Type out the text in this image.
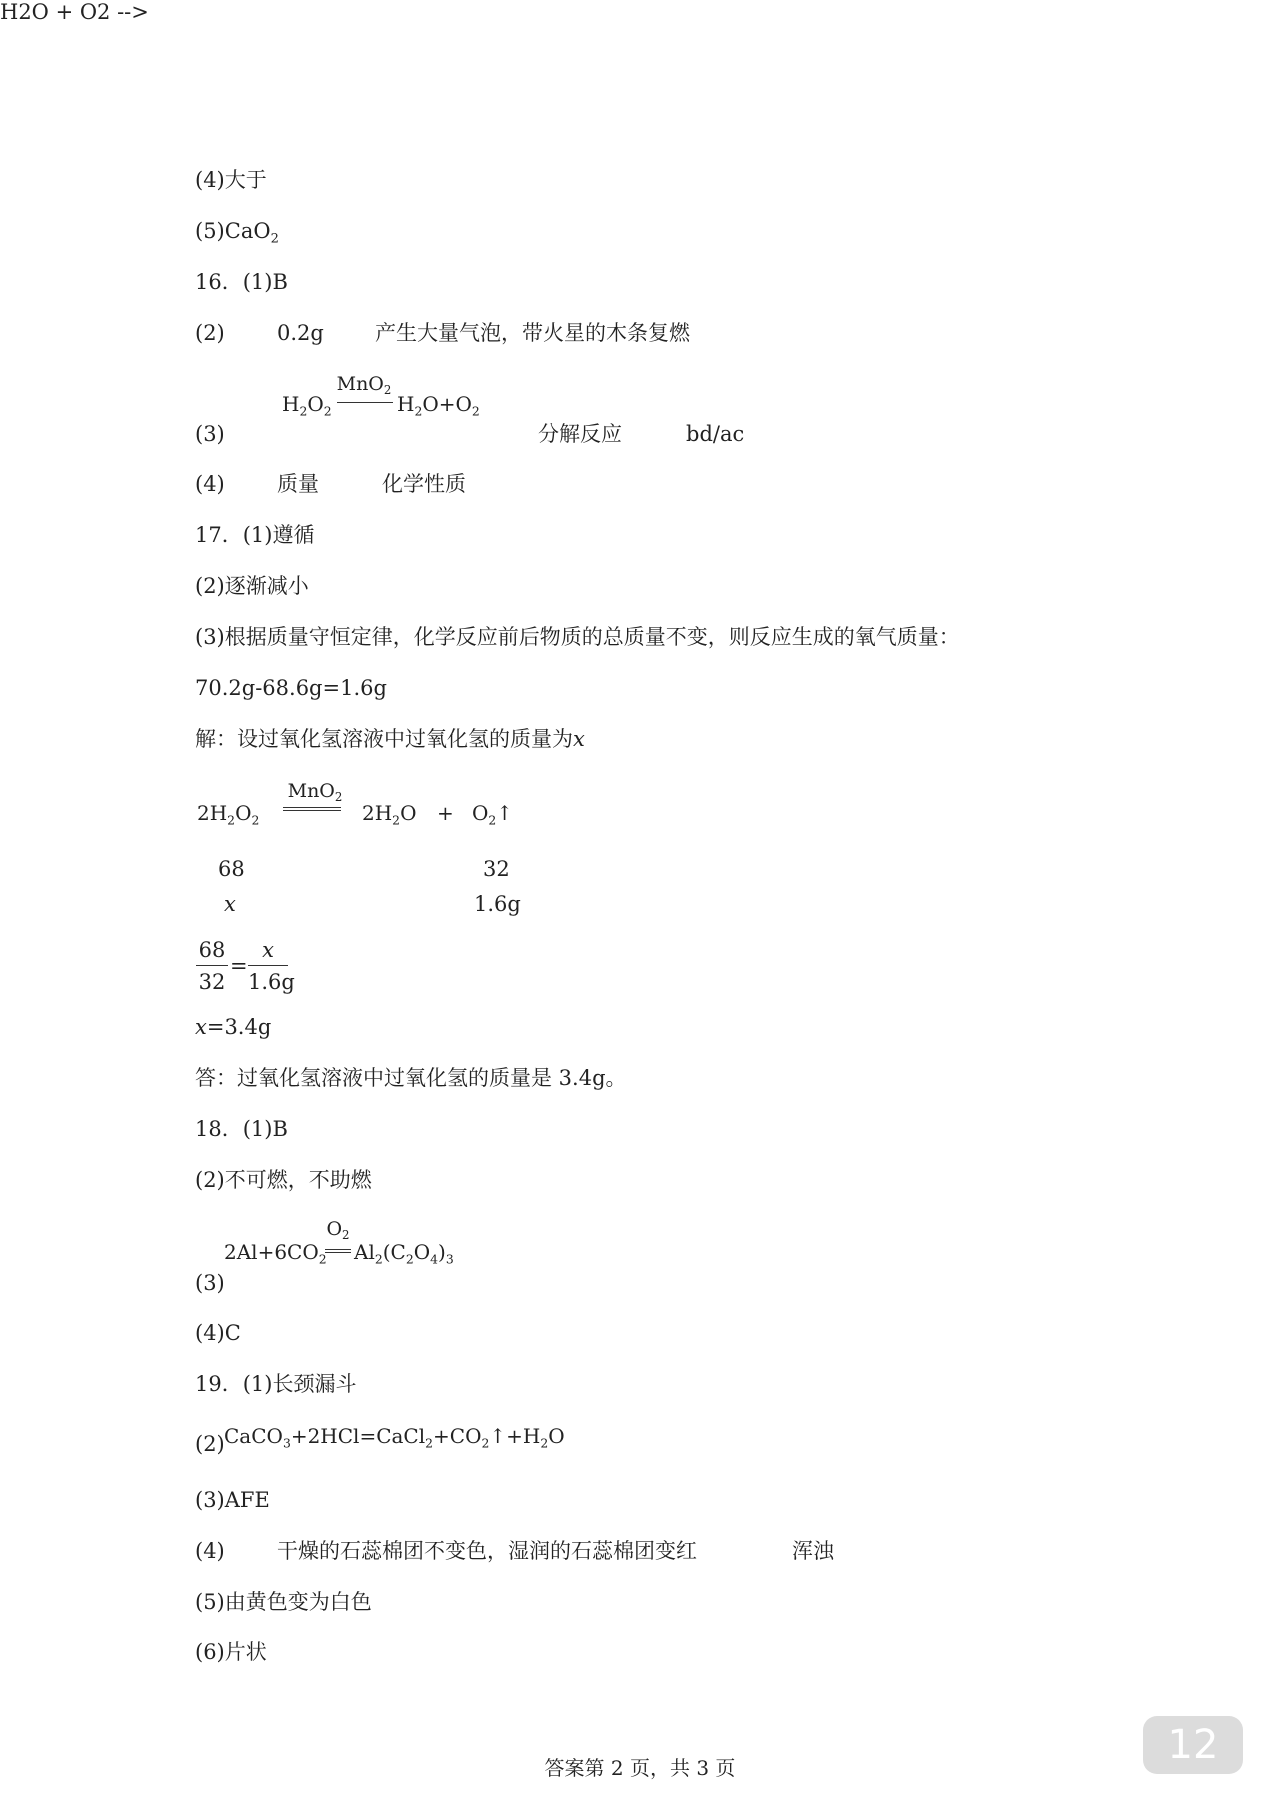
(4)大于
(5)CaO$_2$
16．(1)B
(2) 0.2g 产生大量气泡，带火星的木条复燃
H2O + O2 -->
$H_2O_2$
MnO$_2$
$H_2O+O_2$
(3)	分解反应	bd/ac
(4) 质量	化学性质
17．(1)遵循
(2)逐渐减小
(3)根据质量守恒定律，化学反应前后物质的总质量不变，则反应生成的氧气质量：
70.2g-68.6g=1.6g
解：设过氧化氢溶液中过氧化氢的质量为x
$2H_2O_2$
MnO$_2$
$2H_2O$ + $O_2↑$
68	32
x	1.6g
$\frac{68}{32} = \frac{x}{1.6g}$
x=3.4g
答：过氧化氢溶液中过氧化氢的质量是 3.4g。
18．(1)B
(2)不可燃，不助燃
$2Al+6CO_2$
$O_2$
$Al_2(C_2O_4)_3$
(3)
(4)C
19．(1)长颈漏斗
(2) $CaCO_3+2HCl=CaCl_2+CO_2↑+H_2O$
(3)AFE
(4) 干燥的石蕊棉团不变色，湿润的石蕊棉团变红	浑浊
(5)由黄色变为白色
(6)片状
答案第 2 页，共 3 页	12
